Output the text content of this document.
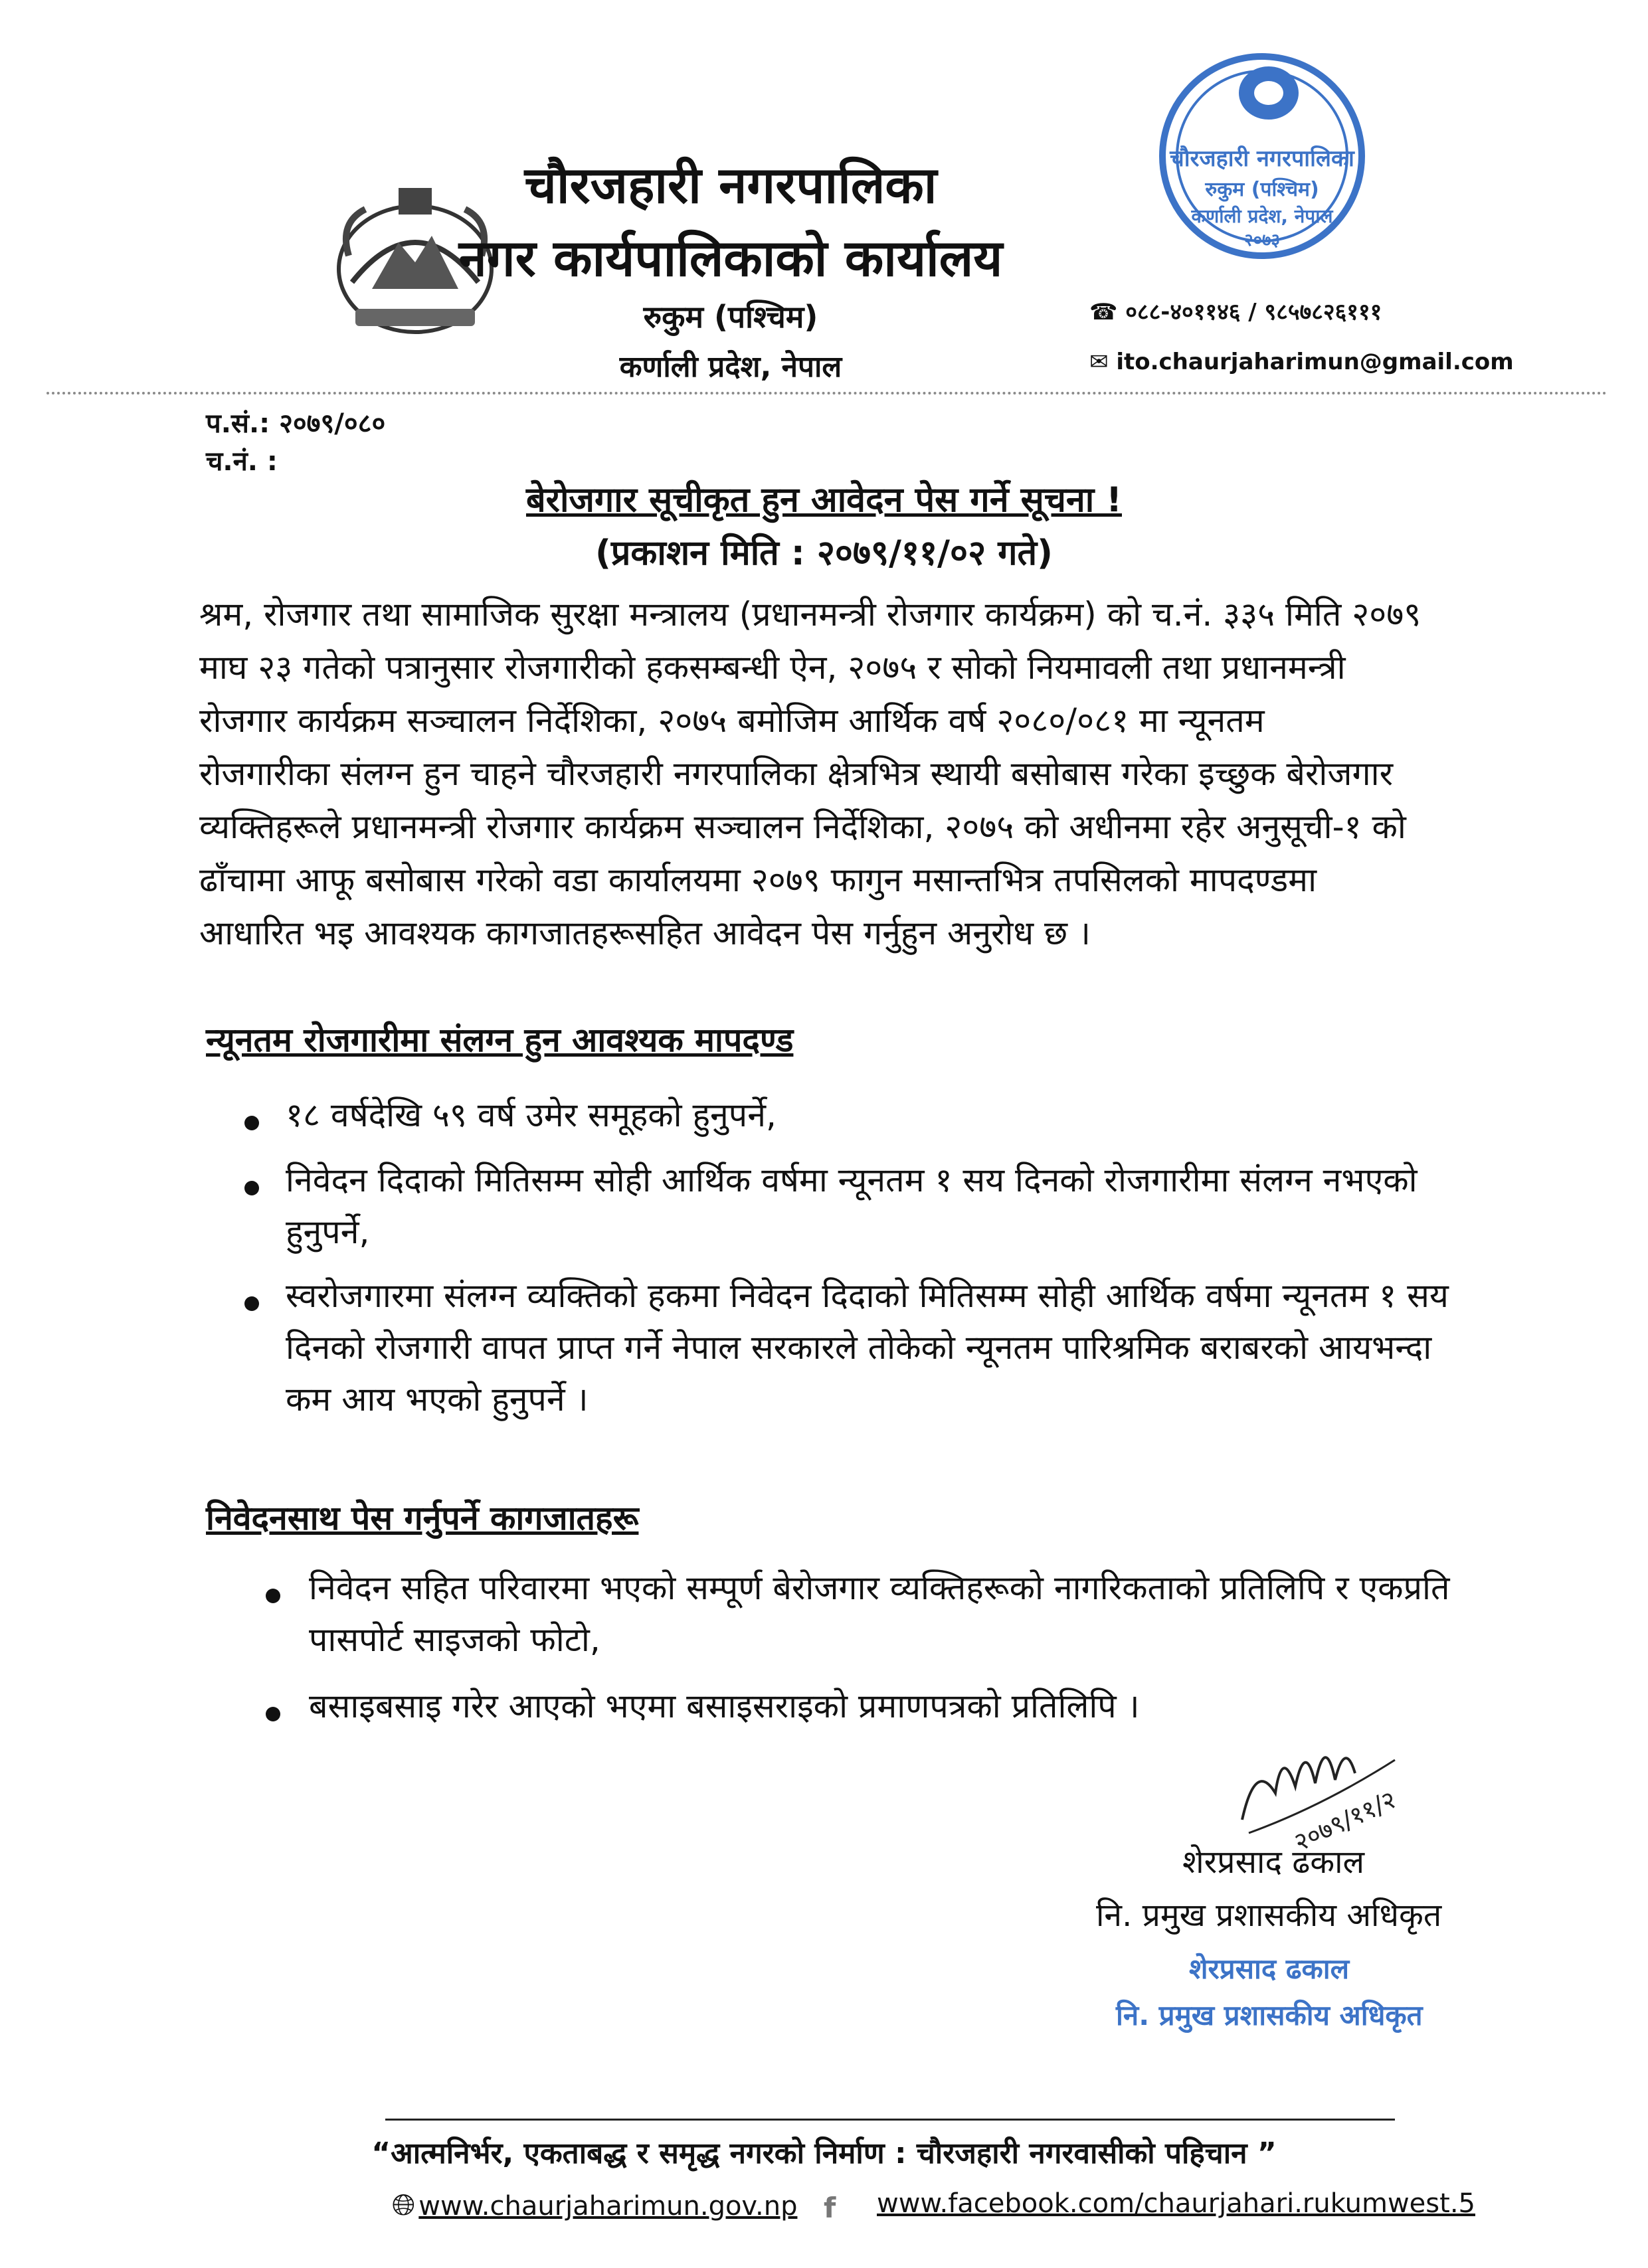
चौरजहारी नगरपालिका
नगर कार्यपालिकाको कार्यालय
रुकुम (पश्चिम)
कर्णाली प्रदेश, नेपाल
चौरजहारी नगरपालिका
रुकुम (पश्चिम)
कर्णाली प्रदेश, नेपाल
२०७३
☎ ०८८-४०११४६ / ९८५७८२६१११
✉ ito.chaurjaharimun@gmail.com
प.सं.: २०७९/०८०
च.नं. :
बेरोजगार सूचीकृत हुन आवेदन पेस गर्ने सूचना !
(प्रकाशन मिति : २०७९/११/०२ गते)
श्रम, रोजगार तथा सामाजिक सुरक्षा मन्त्रालय (प्रधानमन्त्री रोजगार कार्यक्रम) को च.नं. ३३५ मिति २०७९
माघ २३ गतेको पत्रानुसार रोजगारीको हकसम्बन्धी ऐन, २०७५ र सोको नियमावली तथा प्रधानमन्त्री
रोजगार कार्यक्रम सञ्चालन निर्देशिका, २०७५ बमोजिम आर्थिक वर्ष २०८०/०८१ मा न्यूनतम
रोजगारीका संलग्न हुन चाहने चौरजहारी नगरपालिका क्षेत्रभित्र स्थायी बसोबास गरेका इच्छुक बेरोजगार
व्यक्तिहरूले प्रधानमन्त्री रोजगार कार्यक्रम सञ्चालन निर्देशिका, २०७५ को अधीनमा रहेर अनुसूची-१ को
ढाँचामा आफू बसोबास गरेको वडा कार्यालयमा २०७९ फागुन मसान्तभित्र तपसिलको मापदण्डमा
आधारित भइ आवश्यक कागजातहरूसहित आवेदन पेस गर्नुहुन अनुरोध छ ।
न्यूनतम रोजगारीमा संलग्न हुन आवश्यक मापदण्ड
१८ वर्षदेखि ५९ वर्ष उमेर समूहको हुनुपर्ने,
निवेदन दिदाको मितिसम्म सोही आर्थिक वर्षमा न्यूनतम १ सय दिनको रोजगारीमा संलग्न नभएको
हुनुपर्ने,
स्वरोजगारमा संलग्न व्यक्तिको हकमा निवेदन दिदाको मितिसम्म सोही आर्थिक वर्षमा न्यूनतम १ सय
दिनको रोजगारी वापत प्राप्त गर्ने नेपाल सरकारले तोकेको न्यूनतम पारिश्रमिक बराबरको आयभन्दा
कम आय भएको हुनुपर्ने ।
निवेदनसाथ पेस गर्नुपर्ने कागजातहरू
निवेदन सहित परिवारमा भएको सम्पूर्ण बेरोजगार व्यक्तिहरूको नागरिकताको प्रतिलिपि र एकप्रति
पासपोर्ट साइजको फोटो,
बसाइबसाइ गरेर आएको भएमा बसाइसराइको प्रमाणपत्रको प्रतिलिपि ।
२०७९/११/२
शेरप्रसाद ढकाल
नि. प्रमुख प्रशासकीय अधिकृत
शेरप्रसाद ढकाल
नि. प्रमुख प्रशासकीय अधिकृत
“आत्मनिर्भर, एकताबद्ध र समृद्ध नगरको निर्माण : चौरजहारी नगरवासीको पहिचान ”
🌐︎ www.chaurjaharimun.gov.np f www.facebook.com/chaurjahari.rukumwest.5
